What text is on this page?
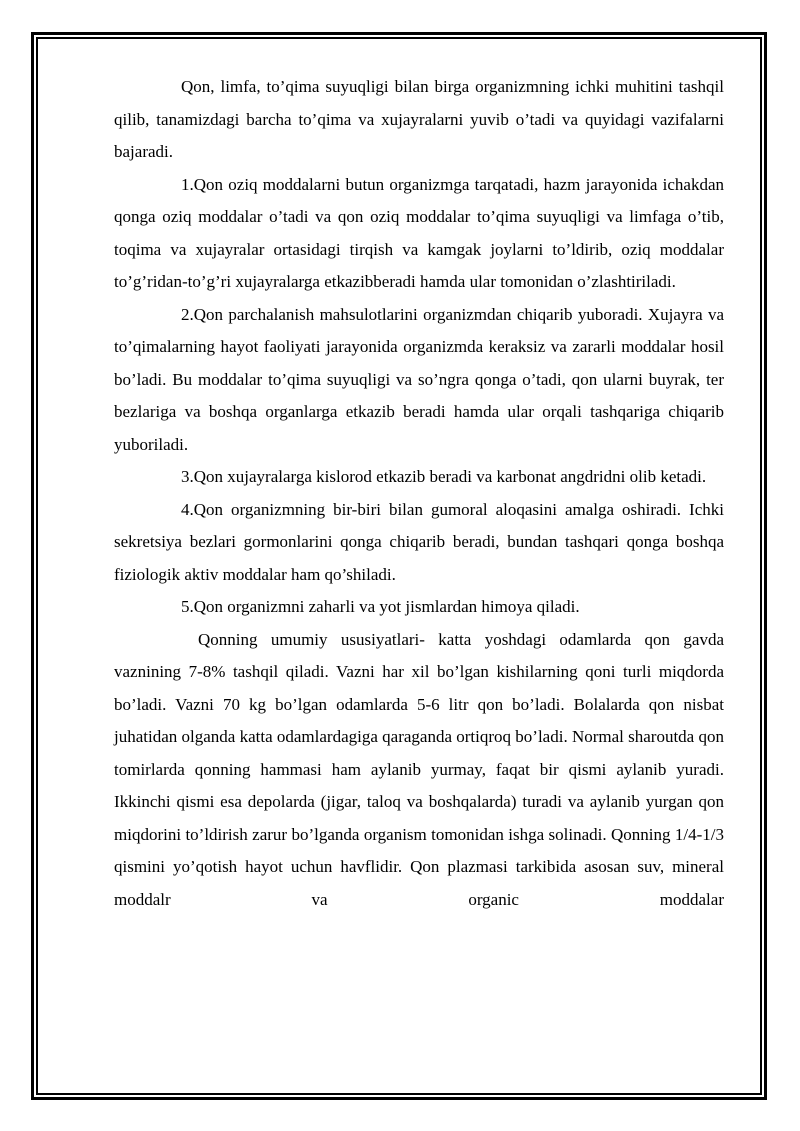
Qon, limfa, to’qima suyuqligi bilan birga organizmning ichki muhitini tashqil qilib, tanamizdagi barcha to’qima va xujayralarni yuvib o’tadi va quyidagi vazifalarni bajaradi.

1.Qon oziq moddalarni butun organizmga tarqatadi, hazm jarayonida ichakdan qonga oziq moddalar o’tadi va qon oziq moddalar to’qima suyuqligi va limfaga o’tib, toqima va xujayralar ortasidagi tirqish va kamgak joylarni to’ldirib, oziq moddalar to’g’ridan-to’g’ri xujayralarga etkazibberadi hamda ular tomonidan o’zlashtiriladi.

2.Qon parchalanish mahsulotlarini organizmdan chiqarib yuboradi. Xujayra va to’qimalarning hayot faoliyati jarayonida organizmda keraksiz va zararli moddalar hosil bo’ladi. Bu moddalar to’qima suyuqligi va so’ngra qonga o’tadi, qon ularni buyrak, ter bezlariga va boshqa organlarga etkazib beradi hamda ular orqali tashqariga chiqarib yuboriladi.

3.Qon xujayralarga kislorod etkazib beradi va karbonat angdridni olib ketadi.

4.Qon organizmning bir-biri bilan gumoral aloqasini amalga oshiradi. Ichki sekretsiya bezlari gormonlarini qonga chiqarib beradi, bundan tashqari qonga boshqa fiziologik aktiv moddalar ham qo’shiladi.

5.Qon organizmni zaharli va yot jismlardan himoya qiladi.

Qonning umumiy ususiyatlari- katta yoshdagi odamlarda qon gavda vaznining 7-8% tashqil qiladi. Vazni har xil bo’lgan kishilarning qoni turli miqdorda bo’ladi. Vazni 70 kg bo’lgan odamlarda 5-6 litr qon bo’ladi. Bolalarda qon nisbat juhatidan olganda katta odamlardagiga qaraganda ortiqroq bo’ladi. Normal sharoutda qon tomirlarda qonning hammasi ham aylanib yurmay, faqat bir qismi aylanib yuradi. Ikkinchi qismi esa depolarda (jigar, taloq va boshqalarda) turadi va aylanib yurgan qon miqdorini to’ldirish zarur bo’lganda organism tomonidan ishga solinadi. Qonning 1/4-1/3 qismini yo’qotish hayot uchun havflidir. Qon plazmasi tarkibida asosan suv, mineral moddalr va organic moddalar
